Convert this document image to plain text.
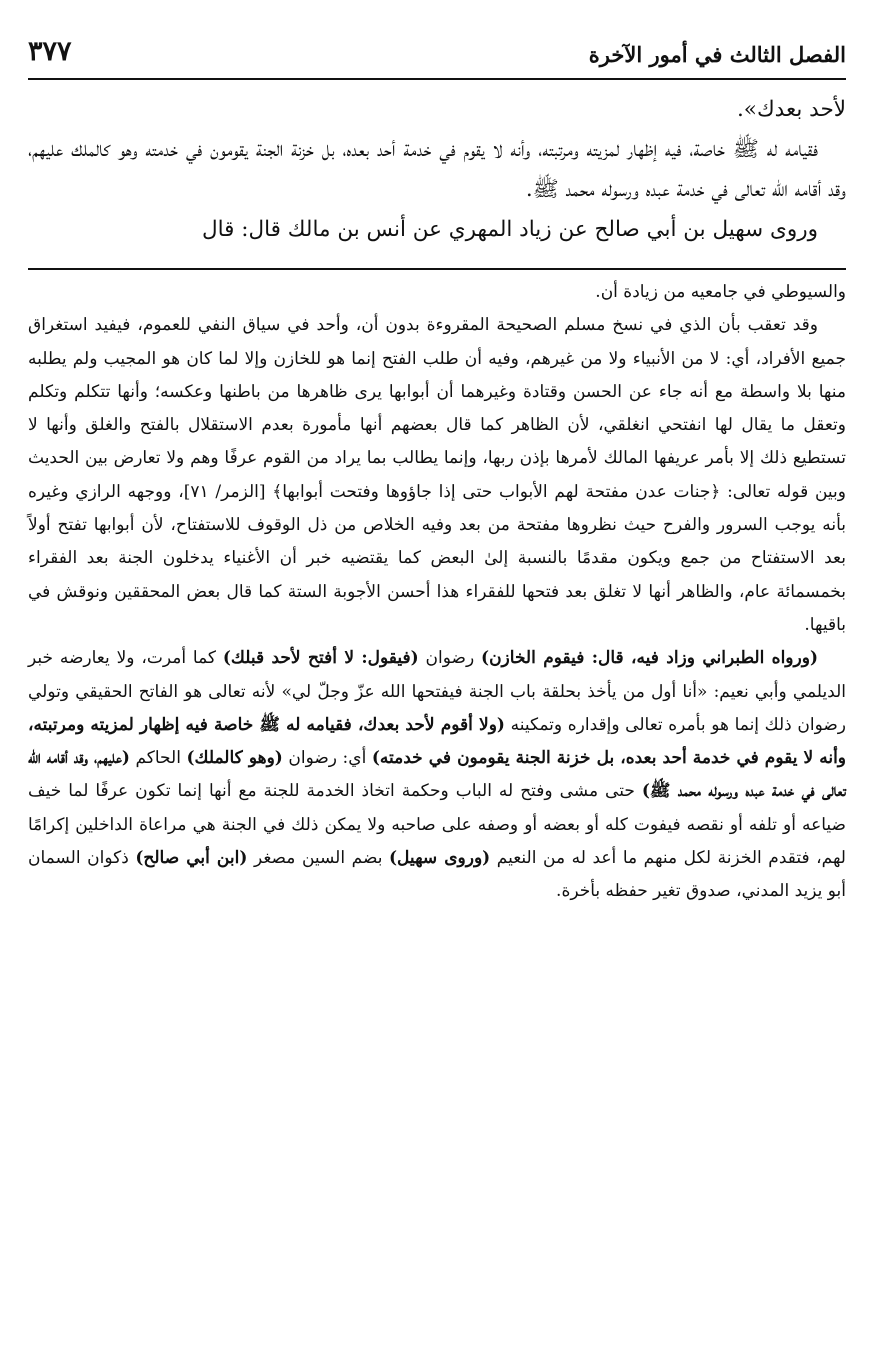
الفصل الثالث في أمور الآخرة
٣٧٧

لأحد بعدك».

فقيامه له ﷺ خاصة، فيه إظهار لمزيته ومرتبته، وأنه لا يقوم في خدمة أحد بعده، بل خزنة الجنة يقومون في خدمته وهو كالملك عليهم، وقد أقامه الله تعالى في خدمة عبده ورسوله محمد ﷺ.

وروى سهيل بن أبي صالح عن زياد المهري عن أنس بن مالك قال: قال

والسيوطي في جامعيه من زيادة أن.

وقد تعقب بأن الذي في نسخ مسلم الصحيحة المقروءة بدون أن، وأحد في سياق النفي للعموم، فيفيد استغراق جميع الأفراد، أي: لا من الأنبياء ولا من غيرهم، وفيه أن طلب الفتح إنما هو للخازن وإلا لما كان هو المجيب ولم يطلبه منها بلا واسطة مع أنه جاء عن الحسن وقتادة وغيرهما أن أبوابها يرى ظاهرها من باطنها وعكسه؛ وأنها تتكلم وتكلم وتعقل ما يقال لها انفتحي انغلقي، لأن الظاهر كما قال بعضهم أنها مأمورة بعدم الاستقلال بالفتح والغلق وأنها لا تستطيع ذلك إلا بأمر عريفها المالك لأمرها بإذن ربها، وإنما يطالب بما يراد من القوم عرفًا وهم ولا تعارض بين الحديث وبين قوله تعالى: ﴿جنات عدن مفتحة لهم الأبواب حتى إذا جاؤوها وفتحت أبوابها﴾ [الزمر/ ٧١]، ووجهه الرازي وغيره بأنه يوجب السرور والفرح حيث نظروها مفتحة من بعد وفيه الخلاص من ذل الوقوف للاستفتاح، لأن أبوابها تفتح أولاً بعد الاستفتاح من جمع ويكون مقدمًا بالنسبة إلىٰ البعض كما يقتضيه خبر أن الأغنياء يدخلون الجنة بعد الفقراء بخمسمائة عام، والظاهر أنها لا تغلق بعد فتحها للفقراء هذا أحسن الأجوبة الستة كما قال بعض المحققين ونوقش في باقيها.

(ورواه الطبراني وزاد فيه، قال: فيقوم الخازن) رضوان (فيقول: لا أفتح لأحد قبلك) كما أمرت، ولا يعارضه خبر الديلمي وأبي نعيم: «أنا أول من يأخذ بحلقة باب الجنة فيفتحها الله عزّ وجلّ لي» لأنه تعالى هو الفاتح الحقيقي وتولي رضوان ذلك إنما هو بأمره تعالى وإقداره وتمكينه (ولا أقوم لأحد بعدك، فقيامه له ﷺ خاصة فيه إظهار لمزيته ومرتبته، وأنه لا يقوم في خدمة أحد بعده، بل خزنة الجنة يقومون في خدمته) أي: رضوان (وهو كالملك) الحاكم (عليهم، وقد أقامه الله تعالى في خدمة عبده ورسوله محمد ﷺ) حتى مشى وفتح له الباب وحكمة اتخاذ الخدمة للجنة مع أنها إنما تكون عرفًا لما خيف ضياعه أو تلفه أو نقصه فيفوت كله أو بعضه أو وصفه على صاحبه ولا يمكن ذلك في الجنة هي مراعاة الداخلين إكرامًا لهم، فتقدم الخزنة لكل منهم ما أعد له من النعيم (وروى سهيل) بضم السين مصغر (ابن أبي صالح) ذكوان السمان أبو يزيد المدني، صدوق تغير حفظه بأخرة.
